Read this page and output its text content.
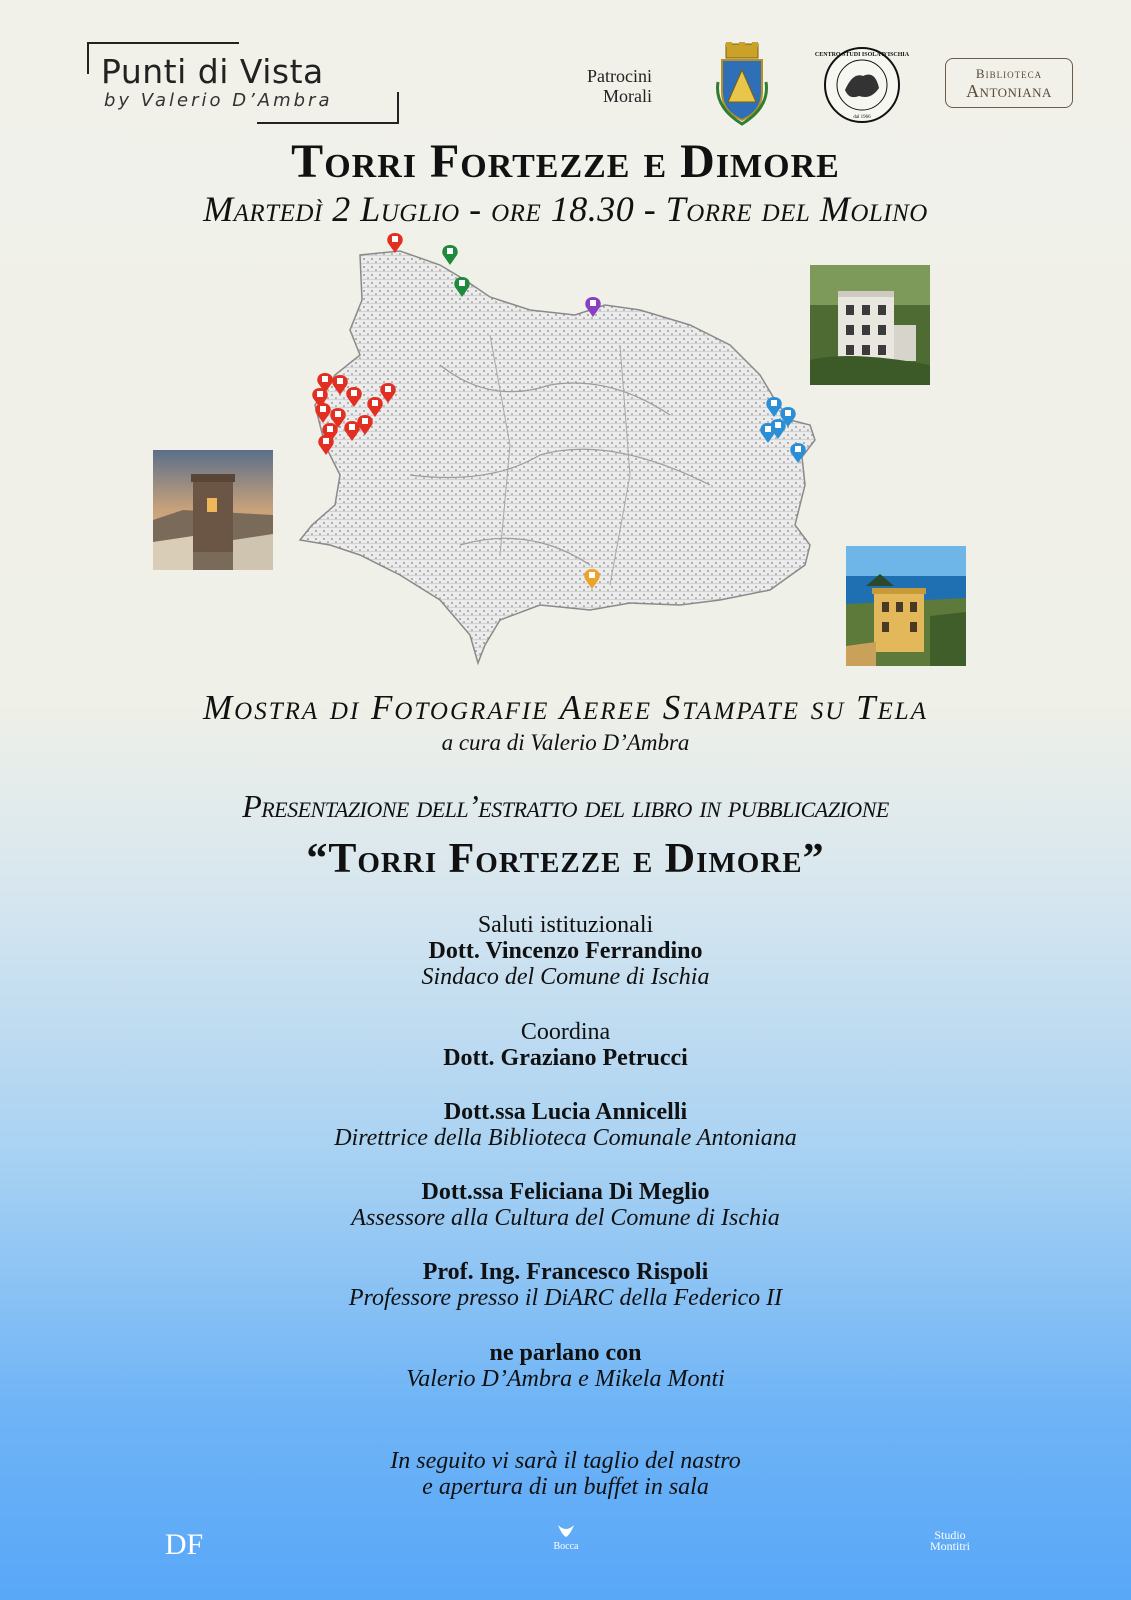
Punti di Vista
by Valerio D’Ambra
Patrocini
Morali
CENTRO STUDI ISOLA D'ISCHIA
dal 1966
Biblioteca
Antoniana
Torri Fortezze e Dimore
Martedì 2 Luglio - ore 18.30 - Torre del Molino
Mostra di Fotografie Aeree Stampate su Tela
a cura di Valerio D’Ambra
Presentazione dell’estratto del libro in pubblicazione
“Torri Fortezze e Dimore”
Saluti istituzionali
Dott. Vincenzo Ferrandino
Sindaco del Comune di Ischia
Coordina
Dott. Graziano Petrucci
Dott.ssa Lucia Annicelli
Direttrice della Biblioteca Comunale Antoniana
Dott.ssa Feliciana Di Meglio
Assessore alla Cultura del Comune di Ischia
Prof. Ing. Francesco Rispoli
Professore presso il DiARC della Federico II
ne parlano con
Valerio D’Ambra e Mikela Monti
In seguito vi sarà il taglio del nastro
e apertura di un buffet in sala
DF	Bocca
Studio
Montitri
